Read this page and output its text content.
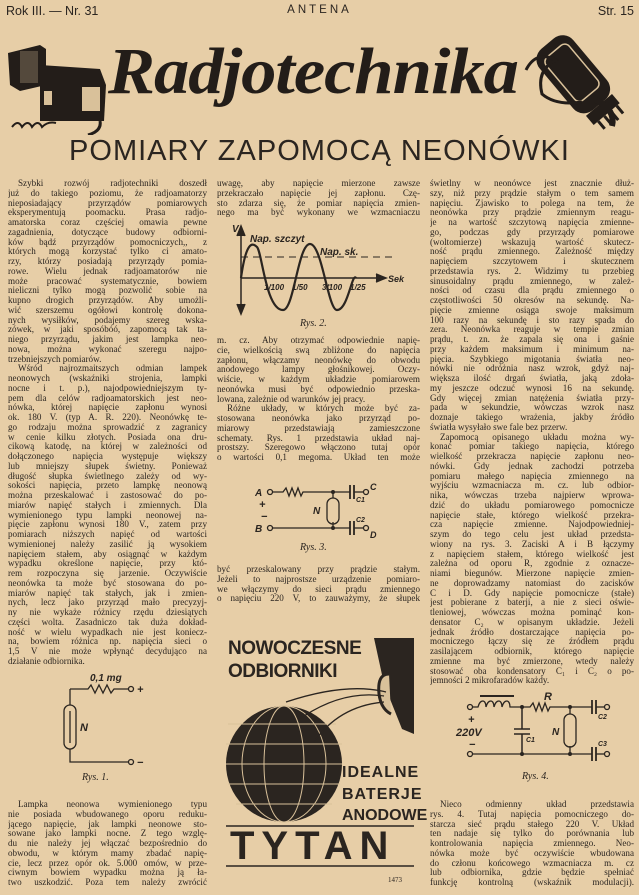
Rok III. — Nr. 31	ANTENA	Str. 15
Radjotechnika
POMIARY ZAPOMOCĄ NEONÓWKI
Szybki rozwój radjotechniki doszedł
już do takiego poziomu, że radjoamatorzy
nieposiadający przyrządów pomiarowych
eksperymentują poomacku. Prasa radjo-
amatorska coraz częściej omawia pewne
zagadnienia, dotyczące budowy odbiorni-
ków bądź przyrządów pomocniczych,, z
których mogą korzystać tylko ci amato-
rzy, którzy posiadają przyrządy pomia-
rowe. Wielu jednak radjoamatorów nie
może pracować systematycznie, bowiem
nieliczni tylko mogą pozwolić sobie na
kupno drogich przyrządów. Aby umożli-
wić szerszemu ogółowi kontrolę dokona-
nych wysiłków, podajemy szereg wska-
zówek, w jaki sposóbóó, zapomocą tak ta-
niego przyrządu, jakim jest lampka neo-
nowa, można wykonać szeregu najpo-
trzebniejszych pomiarów.
Wśród najrozmaitszych odmian lampek
neonowych (wskaźniki strojenia, lampki
nocne i t. p.), najodpowiedniejszym ty-
pem dla celów radjoamatorskich jest neo-
nówka, której napięcie zapłonu wynosi
ok. 180 V. (typ A. R. 220). Neonówkę te-
go rodzaju można sprowadzić z zagranicy
w cenie kilku złotych. Posiada ona dru-
cikową katodę, na której w zależności od
dołączonego napięcia występuje większy
lub mniejszy słupek świetny. Ponieważ
długość słupka świetlnego zależy od wy-
sokości napięcia, przeto lampkę neonową
można przeskalować i zastosować do po-
miarów napięć stałych i zmiennych. Dla
wymienionego typu lampki neonowej na-
pięcie zapłonu wynosi 180 V., zatem przy
pomiarach niższych napięć od wartości
wymienionej należy zasilić ją wysokiem
napięciem stałem, aby osiągnąć w każdym
wypadku określone napięcie, przy któ-
rem rozpoczyna się jarzenie. Oczywiście
neonówka ta może być stosowana do po-
miarów napięć tak stałych, jak i zmien-
nych, lecz jako przyrząd mało precyzyj-
ny nie wykaże różnicy rzędu dziesiątych
części wolta. Zasadniczo tak duża dokład-
ność w wielu wypadkach nie jest koniecz-
na, bowiem różnica np. napięcia sieci o
1,5 V nie może wpłynąć decydująco na
działanie odbiornika.
Lampka neonowa wymienionego typu
nie posiada wbudowanego oporu reduku-
jącego napięcie, jak lampki neonowe sto-
sowane jako lampki nocne. Z tego wzglę-
du nie należy jej włączać bezpośrednio do
obwodu, w którym mamy zbadać napię-
cie, lecz przez opór ok. 5.000 omów, w prze-
ciwnym bowiem wypadku można ją ła-
two uszkodzić. Poza tem należy zwrócić
uwagę, aby napięcie mierzone zawsze
przekraczało napięcie jej zapłonu. Czę-
sto zdarza się, że pomiar napięcia zmien-
nego ma być wykonany we wzmacniaczu
m. cz. Aby otrzymać odpowiednie napię-
cie, wielkością swą zbliżone do napięcia
zapłonu, włączamy neonówkę do obwodu
anodowego lampy głośnikowej. Oczy-
wiście, w każdym układzie pomiarowem
neonówka musi być odpowiednio przeska-
lowana, zależnie od warunków jej pracy.
Różne układy, w których może być za-
stosowana neonówka jako przyrząd po-
miarowy przedstawiają zamieszczone
schematy. Rys. 1 przedstawia układ naj-
prostszy. Szeregowo włączono tutaj opór
o wartości 0,1 megoma. Układ ten może
być przeskalowany przy prądzie stałym.
Jeżeli to najprostsze urządzenie pomiaro-
we włączymy do sieci prądu zmiennego
o napięciu 220 V, to zauważymy, że słupek
świetlny w neonówce jest znacznie dłuż-
szy, niż przy prądzie stałym o tem samem
napięciu. Zjawisko to polega na tem, że
neonówka przy prądzie zmiennym reagu-
je na wartość szczytową napięcia zmienne-
go, podczas gdy przyrządy pomiarowe
(woltomierze) wskazują wartość skutecz-
ność prądu zmiennego. Zależność między
napięciem szczytowem i skutecznem
przedstawia rys. 2. Widzimy tu przebieg
sinusoidalny prądu zmiennego, w zależ-
ności od czasu dla prądu zmiennego o
częstotliwości 50 okresów na sekundę. Na-
pięcie zmienne osiąga swoje maksimum
100 razy na sekundę i sto razy spada do
zera. Neonówka reaguje w tempie zmian
prądu, t. zn. że zapala się ona i gaśnie
przy każdem maksimum i minimum na-
pięcia. Szybkiego migotania światła neo-
nówki nie odróżnia nasz wzrok, gdyż naj-
większa ilość drgań światła, jaką zdoła-
my jeszcze odczuć wynosi 16 na sekundę.
Gdy więcej zmian natężenia światła przy-
pada w sekundzie, wówczas wzrok nasz
doznaje takiego wrażenia, jakby źródło
światła wysyłało swe fale bez przerw.
Zapomocą opisanego układu można wy-
konać pomiar takiego napięcia, którego
wielkość przekracza napięcie zapłonu neo-
nówki. Gdy jednak zachodzi potrzeba
pomiaru małego napięcia zmiennego na
wyjściu wzmacniacza m. cz. lub odbior-
nika, wówczas trzeba najpierw wprowa-
dzić do układu pomiarowego pomocnicze
napięcie stałe, którego wielkość przekra-
cza napięcie zmienne. Najodpowiedniej-
szym do tego celu jest układ przedsta-
wiony na rys. 3. Zaciski A i B łączymy
z napięciem stałem, którego wielkość jest
zależna od oporu R, zgodnie z oznacze-
niami biegunów. Mierzone napięcie zmien-
ne doprowadzamy natomiast do zacisków
C i D. Gdy napięcie pomocnicze (stałe)
jest pobierane z baterji, a nie z sieci oświe-
tleniowej, wówczas można pominąć kon-
densator C₂ w opisanym układzie. Jeżeli
jednak źródło dostarczające napięcia po-
mocniczego łączy się ze źródłem prądu
zasilającem odbiornik, którego napięcie
zmienne ma być zmierzone, wtedy należy
stosować oba kondensatory C₁ i C₂ o po-
jemności 2 mikrofaradów każdy.
Nieco odmienny układ przedstawia
rys. 4. Tutaj napięcia pomocniczego do-
starcza sieć prądu stałego 220 V. Układ
ten nadaje się tylko do porównania lub
kontrolowania napięcia zmiennego. Neo-
nówka może być oczywiście wbudowana
do członu końcowego wzmacniacza m. cz
lub odbiornika, gdzie będzie spełniać
funkcję kontrolną (wskaźnik modulacji).
0,1 mg
+
N
−
Rys. 1.
Nap. szczyt
Nap. sk.
V
1/100 1/50 3/100 1/25
Sek
Rys. 2.
A
+
B
−	N
C1
C
C2
D
Rys. 3.
R
+
220V
−	C1
N
C2
C3
Rys. 4.
NOWOCZESNE
ODBIORNIKI
IDEALNE
BATERJE
ANODOWE
TYTAN
1473
